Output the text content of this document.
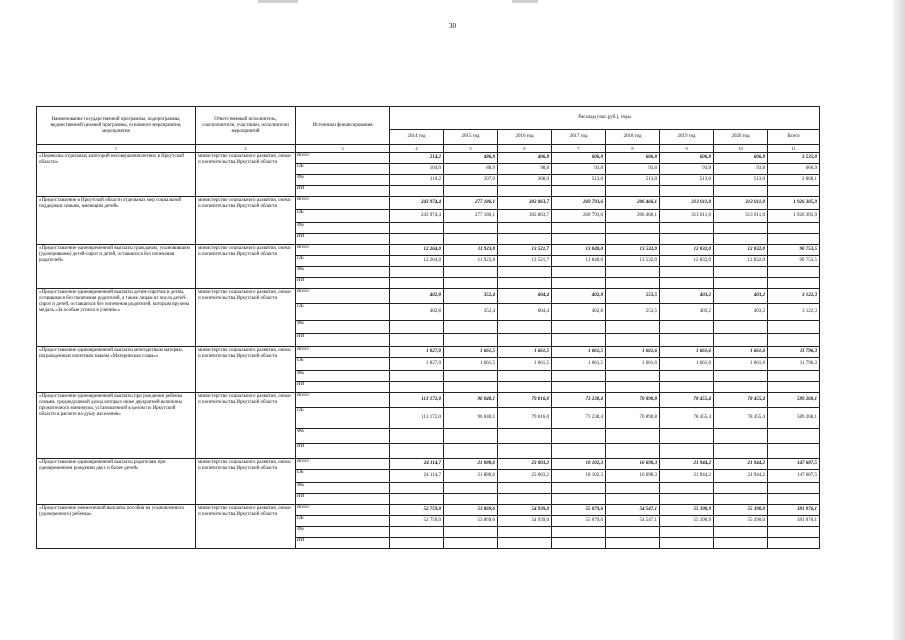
30
Наименование государственной программы, подпрограммы, ведомственной целевой программы, основного мероприятия, мероприятия	Ответственный исполнитель, соисполнители, участники, исполнители мероприятий	Источники финансирования	Расходы (тыс.руб.), годы							
			2014 год	2015 год	2016 год	2017 год	2018 год	2019 год	2020 год	Всего
1	2	3	4	5	6	7	8	9	10	11
«Перевозка отдельных категорий несовершеннолетних в Иркутской области»	министерство социального развития, опеки и попечительства Иркутской области	Всего	214,2	486,8	406,8	606,8	606,8	606,8	606,8	3 535,0
		ОБ	104,0	88,9	98,8	93,8	93,8	93,8	93,8	666,9
		ФБ	110,2	397,9	308,0	513,0	513,0	513,0	513,0	2 868,1
		ИИ								
«Предоставление в Иркутской области отдельных мер социальной поддержки семьям, имеющим детей»	министерство социального развития, опеки и попечительства Иркутской области	Всего	243 974,4	277 186,1	302 863,7	269 793,6	206 466,1	313 011,0	313 011,0	1 926 305,9
		ОБ	243 974,4	277 186,1	302 863,7	269 793,6	206 466,1	313 011,0	313 011,0	1 926 305,9
		ФБ								
		ИИ								
«Предоставление единовременной выплаты гражданам, усыновившим (удочерившим) детей-сирот и детей, оставшихся без попечения родителей»	министерство социального развития, опеки и попечительства Иркутской области	Всего	12 264,0	11 923,8	13 521,7	13 848,0	13 532,0	12 832,0	12 832,0	90 753,5
		ОБ	12 264,0	11 923,8	13 521,7	13 848,0	13 532,0	12 832,0	12 832,0	90 753,5
		ФБ								
		ИИ								
«Предоставление единовременной выплаты детям-сиротам и детям, оставшимся без попечения родителей, а также лицам из числа детей-сирот и детей, оставшихся без попечения родителей, которым вручена медаль «За особые успехи в учении»»	министерство социального развития, опеки и попечительства Иркутской области	Всего	402,8	352,4	604,4	402,8	553,5	403,2	403,2	3 122,3
		ОБ	402,8	352,4	604,4	402,8	553,5	403,2	403,2	3 122,3
		ФБ								
		ИИ								
«Предоставление единовременной выплаты многодетным матерям, награжденным почетным знаком «Материнская слава»»	министерство социального развития, опеки и попечительства Иркутской области	Всего	1 827,0	1 661,5	1 661,5	1 661,5	1 661,6	1 661,6	1 661,6	11 796,3
		ОБ	1 827,0	1 661,5	1 661,5	1 661,5	1 661,6	1 661,6	1 661,6	11 796,3
		ФБ								
		ИИ								
«Предоставление единовременной выплаты при рождении ребенка семьям, среднедушевой доход которых ниже двукратной величины прожиточного минимума, установленной в целом по Иркутской области в расчете на душу населения»	министерство социального развития, опеки и попечительства Иркутской области	Всего	113 172,0	96 040,1	79 016,0	73 238,4	70 890,8	78 455,4	78 455,4	589 268,1
		ОБ	113 172,0	96 040,1	79 016,0	73 238,4	70 890,8	78 455,4	78 455,4	589 268,1
		ФБ								
		ИИ								
«Предоставление единовременной выплаты родителям при одновременном рождении двух и более детей»	министерство социального развития, опеки и попечительства Иркутской области	Всего	24 114,7	21 880,6	23 003,2	18 102,3	16 698,3	21 944,2	21 944,2	147 687,5
		ОБ	24 114,7	21 880,6	23 003,2	18 102,3	16 698,3	21 944,2	21 944,2	147 687,5
		ФБ								
		ИИ								
«Предоставление ежемесячной выплаты пособия на усыновленного (удочеренного) ребенка»	министерство социального развития, опеки и попечительства Иркутской области	Всего	52 759,0	53 869,6	54 939,0	55 079,6	54 547,1	55 390,9	55 390,0	381 976,1
		ОБ	52 759,0	53 869,6	54 939,0	55 079,6	54 547,1	55 390,9	55 390,0	381 976,1
		ФБ								
		ИИ								
